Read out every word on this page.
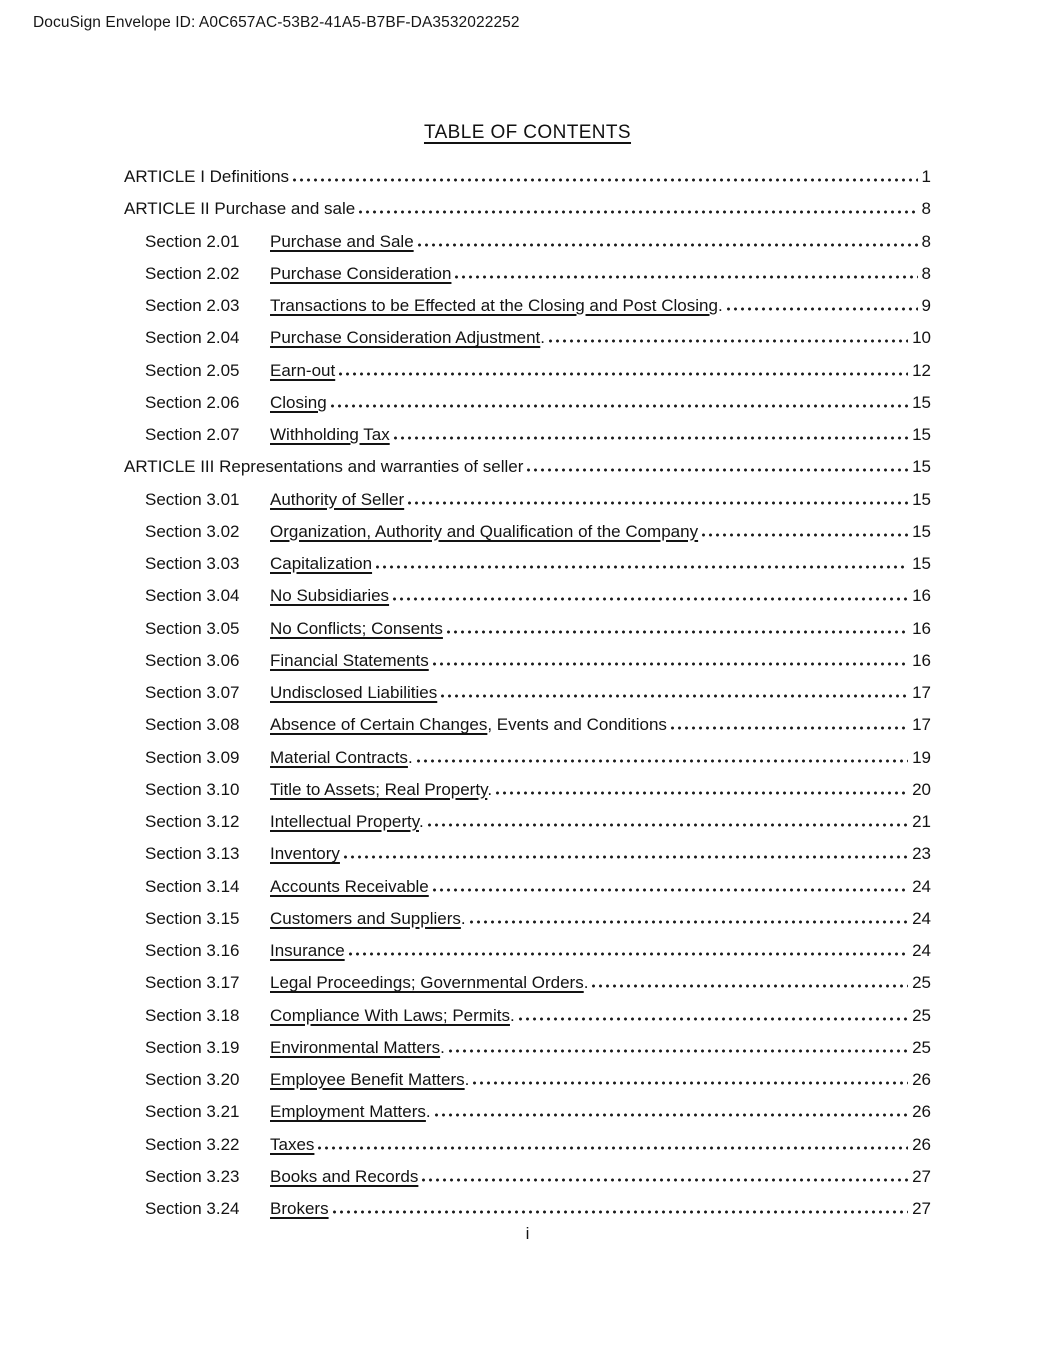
DocuSign Envelope ID: A0C657AC-53B2-41A5-B7BF-DA3532022252
TABLE OF CONTENTS
ARTICLE I Definitions	1
ARTICLE II Purchase and sale	8
Section 2.01	Purchase and Sale	8
Section 2.02	Purchase Consideration	8
Section 2.03	Transactions to be Effected at the Closing and Post Closing.	9
Section 2.04	Purchase Consideration Adjustment.	10
Section 2.05	Earn-out	12
Section 2.06	Closing	15
Section 2.07	Withholding Tax	15
ARTICLE III Representations and warranties of seller	15
Section 3.01	Authority of Seller	15
Section 3.02	Organization, Authority and Qualification of the Company	15
Section 3.03	Capitalization	15
Section 3.04	No Subsidiaries	16
Section 3.05	No Conflicts; Consents	16
Section 3.06	Financial Statements	16
Section 3.07	Undisclosed Liabilities	17
Section 3.08	Absence of Certain Changes, Events and Conditions	17
Section 3.09	Material Contracts.	19
Section 3.10	Title to Assets; Real Property.	20
Section 3.12	Intellectual Property.	21
Section 3.13	Inventory	23
Section 3.14	Accounts Receivable	24
Section 3.15	Customers and Suppliers.	24
Section 3.16	Insurance	24
Section 3.17	Legal Proceedings; Governmental Orders.	25
Section 3.18	Compliance With Laws; Permits.	25
Section 3.19	Environmental Matters.	25
Section 3.20	Employee Benefit Matters.	26
Section 3.21	Employment Matters.	26
Section 3.22	Taxes	26
Section 3.23	Books and Records	27
Section 3.24	Brokers	27
i
